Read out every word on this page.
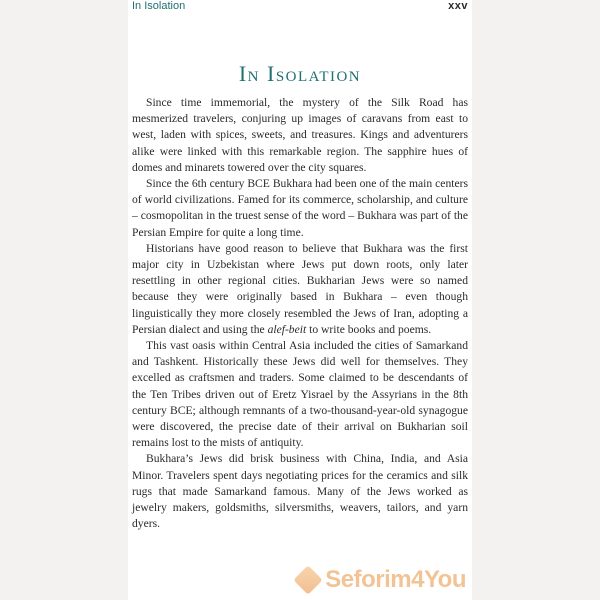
In Isolation	xxv
In Isolation

Since time immemorial, the mystery of the Silk Road has mesmerized travelers, conjuring up images of caravans from east to west, laden with spices, sweets, and treasures. Kings and adventurers alike were linked with this remarkable region. The sapphire hues of domes and minarets towered over the city squares.

Since the 6th century BCE Bukhara had been one of the main centers of world civilizations. Famed for its commerce, scholarship, and culture – cosmopolitan in the truest sense of the word – Bukhara was part of the Persian Empire for quite a long time.

Historians have good reason to believe that Bukhara was the first major city in Uzbekistan where Jews put down roots, only later resettling in other regional cities. Bukharian Jews were so named because they were originally based in Bukhara – even though linguistically they more closely resembled the Jews of Iran, adopting a Persian dialect and using the alef-beit to write books and poems.

This vast oasis within Central Asia included the cities of Samarkand and Tashkent. Historically these Jews did well for themselves. They excelled as craftsmen and traders. Some claimed to be descendants of the Ten Tribes driven out of Eretz Yisrael by the Assyrians in the 8th century BCE; although remnants of a two-thousand-year-old synagogue were discovered, the precise date of their arrival on Bukharian soil remains lost to the mists of antiquity.

Bukhara’s Jews did brisk business with China, India, and Asia Minor. Travelers spent days negotiating prices for the ceramics and silk rugs that made Samarkand famous. Many of the Jews worked as jewelry makers, goldsmiths, silversmiths, weavers, tailors, and yarn dyers.

Seforim4You
